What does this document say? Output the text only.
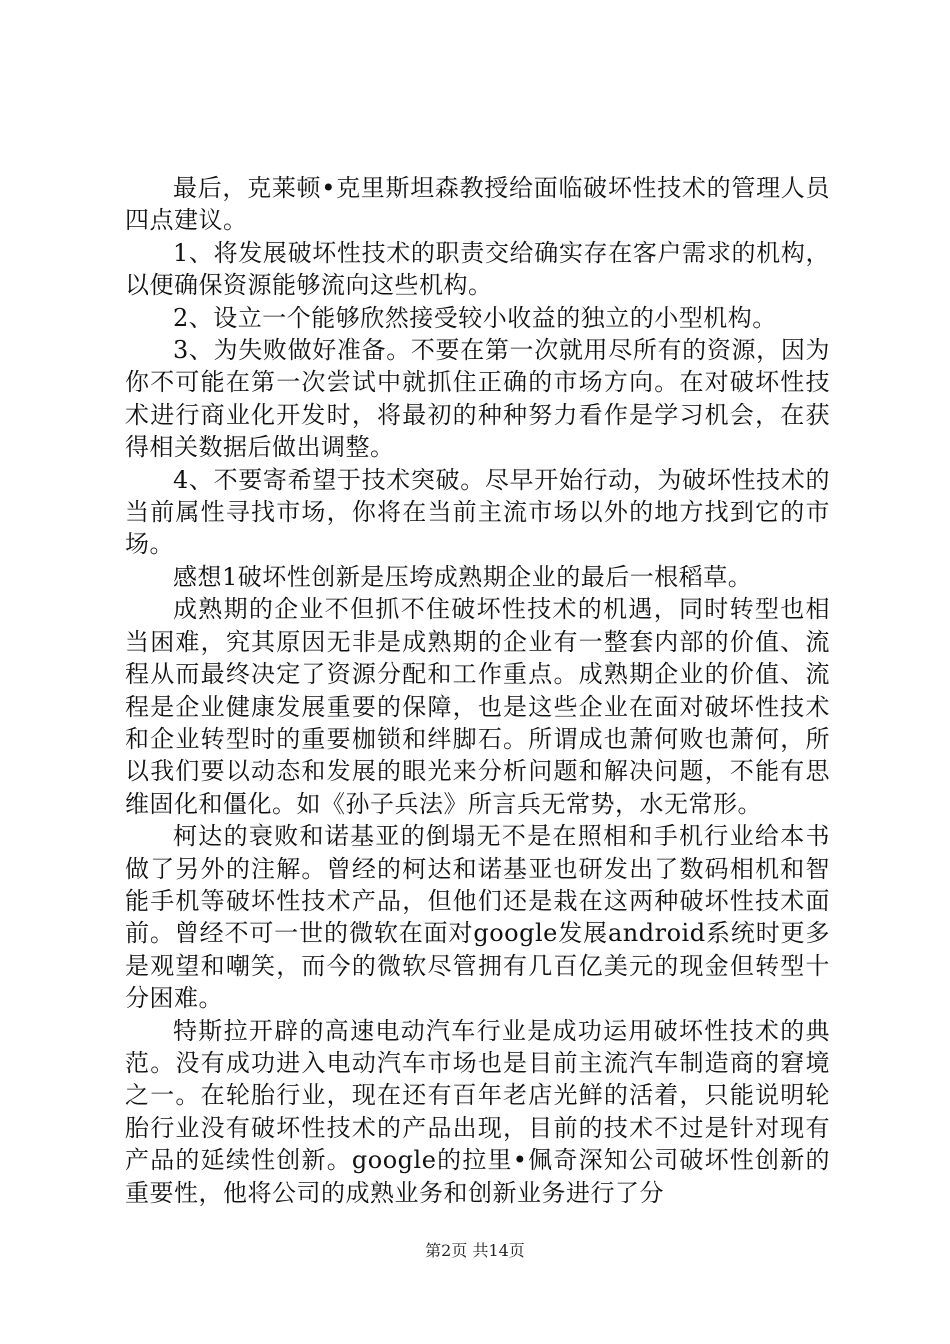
最后，克莱顿•克里斯坦森教授给面临破坏性技术的管理人员四点建议。

1、将发展破坏性技术的职责交给确实存在客户需求的机构，以便确保资源能够流向这些机构。

2、设立一个能够欣然接受较小收益的独立的小型机构。

3、为失败做好准备。不要在第一次就用尽所有的资源，因为你不可能在第一次尝试中就抓住正确的市场方向。在对破坏性技术进行商业化开发时，将最初的种种努力看作是学习机会，在获得相关数据后做出调整。

4、不要寄希望于技术突破。尽早开始行动，为破坏性技术的当前属性寻找市场，你将在当前主流市场以外的地方找到它的市场。

感想1破坏性创新是压垮成熟期企业的最后一根稻草。

成熟期的企业不但抓不住破坏性技术的机遇，同时转型也相当困难，究其原因无非是成熟期的企业有一整套内部的价值、流程从而最终决定了资源分配和工作重点。成熟期企业的价值、流程是企业健康发展重要的保障，也是这些企业在面对破坏性技术和企业转型时的重要枷锁和绊脚石。所谓成也萧何败也萧何，所以我们要以动态和发展的眼光来分析问题和解决问题，不能有思维固化和僵化。如《孙子兵法》所言兵无常势，水无常形。

柯达的衰败和诺基亚的倒塌无不是在照相和手机行业给本书做了另外的注解。曾经的柯达和诺基亚也研发出了数码相机和智能手机等破坏性技术产品，但他们还是栽在这两种破坏性技术面前。曾经不可一世的微软在面对google发展android系统时更多是观望和嘲笑，而今的微软尽管拥有几百亿美元的现金但转型十分困难。

特斯拉开辟的高速电动汽车行业是成功运用破坏性技术的典范。没有成功进入电动汽车市场也是目前主流汽车制造商的窘境之一。在轮胎行业，现在还有百年老店光鲜的活着，只能说明轮胎行业没有破坏性技术的产品出现，目前的技术不过是针对现有产品的延续性创新。google的拉里•佩奇深知公司破坏性创新的重要性，他将公司的成熟业务和创新业务进行了分

第2页 共14页
